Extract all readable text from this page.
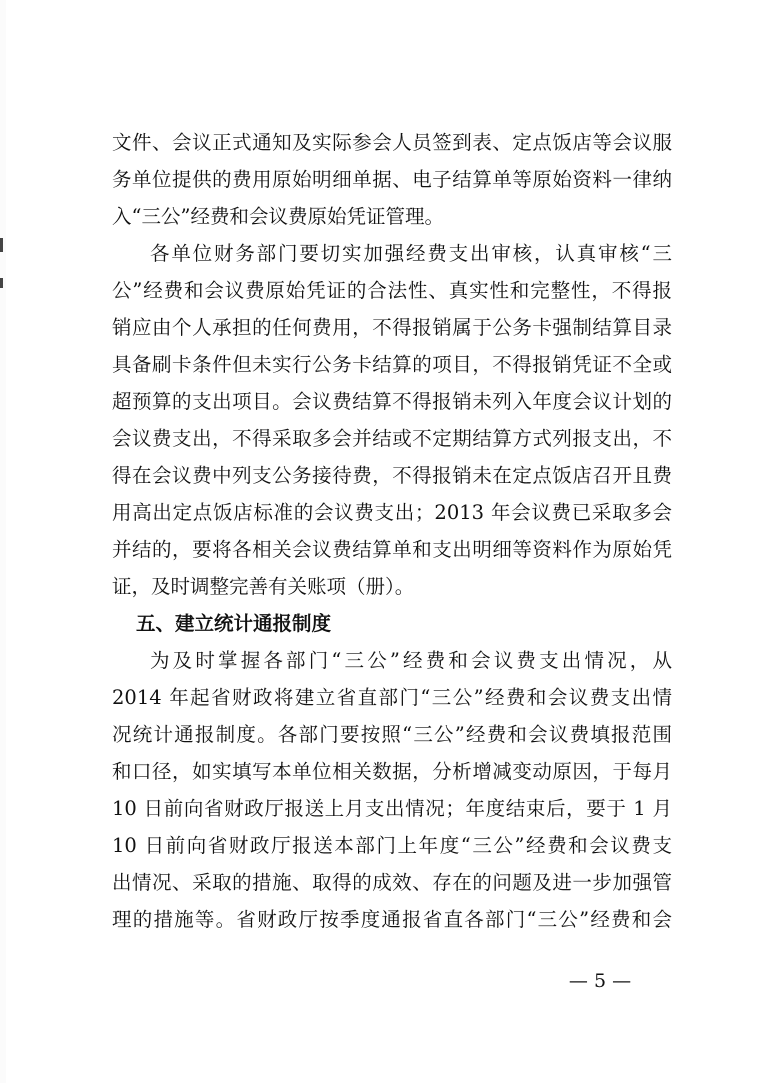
文件、会议正式通知及实际参会人员签到表、定点饭店等会议服
务单位提供的费用原始明细单据、电子结算单等原始资料一律纳
入“三公”经费和会议费原始凭证管理。
各单位财务部门要切实加强经费支出审核，认真审核“三
公”经费和会议费原始凭证的合法性、真实性和完整性，不得报
销应由个人承担的任何费用，不得报销属于公务卡强制结算目录
具备刷卡条件但未实行公务卡结算的项目，不得报销凭证不全或
超预算的支出项目。会议费结算不得报销未列入年度会议计划的
会议费支出，不得采取多会并结或不定期结算方式列报支出，不
得在会议费中列支公务接待费，不得报销未在定点饭店召开且费
用高出定点饭店标准的会议费支出；2013 年会议费已采取多会
并结的，要将各相关会议费结算单和支出明细等资料作为原始凭
证，及时调整完善有关账项（册）。
五、建立统计通报制度
为及时掌握各部门“三公”经费和会议费支出情况，从
2014 年起省财政将建立省直部门“三公”经费和会议费支出情
况统计通报制度。各部门要按照“三公”经费和会议费填报范围
和口径，如实填写本单位相关数据，分析增减变动原因，于每月
10 日前向省财政厅报送上月支出情况；年度结束后，要于 1 月
10 日前向省财政厅报送本部门上年度“三公”经费和会议费支
出情况、采取的措施、取得的成效、存在的问题及进一步加强管
理的措施等。省财政厅按季度通报省直各部门“三公”经费和会
— 5 —
